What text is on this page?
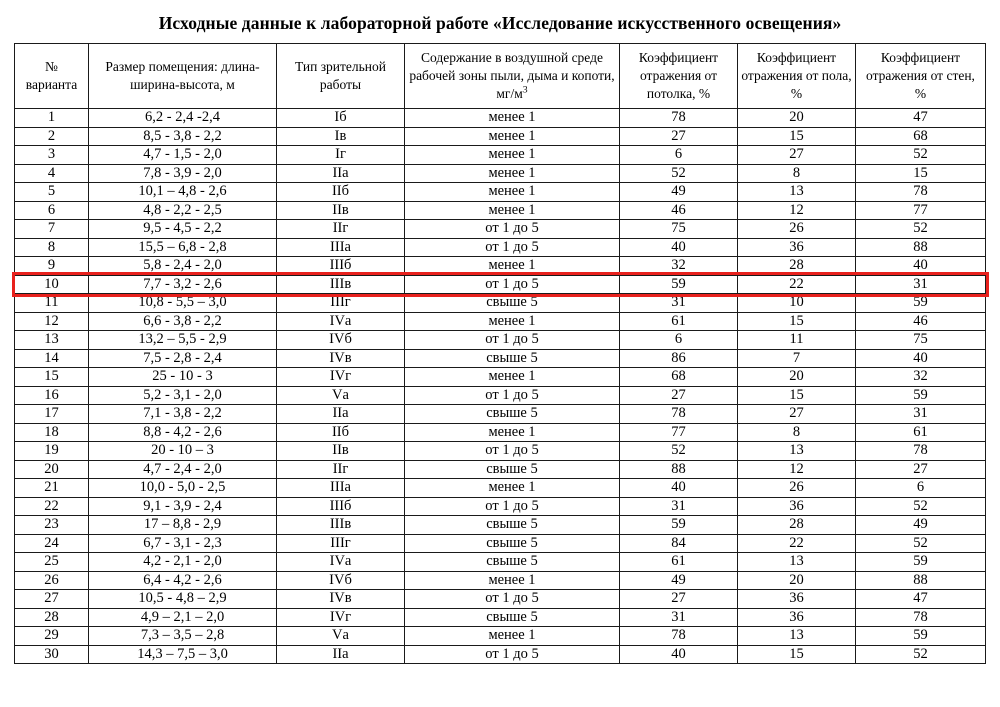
Исходные данные к лабораторной работе «Исследование искусственного освещения»
№ варианта	Размер помещения: длина-ширина-высота, м	Тип зрительной работы	Содержание в воздушной среде рабочей зоны пыли, дыма и копоти, $мг/м^3$	Коэффициент отражения от потолка, %	Коэффициент отражения от пола, %	Коэффициент отражения от стен, %
1	6,2 - 2,4 -2,4	Iб	менее 1	78	20	47
2	8,5 - 3,8 - 2,2	Iв	менее 1	27	15	68
3	4,7 - 1,5 - 2,0	Iг	менее 1	6	27	52
4	7,8 - 3,9 - 2,0	IIа	менее 1	52	8	15
5	10,1 – 4,8 - 2,6	IIб	менее 1	49	13	78
6	4,8 - 2,2 - 2,5	IIв	менее 1	46	12	77
7	9,5 - 4,5 - 2,2	IIг	от 1 до 5	75	26	52
8	15,5 – 6,8 - 2,8	IIIа	от 1 до 5	40	36	88
9	5,8 - 2,4 - 2,0	IIIб	менее 1	32	28	40
10	7,7 - 3,2 - 2,6	IIIв	от 1 до 5	59	22	31
11	10,8 - 5,5 – 3,0	IIIг	свыше 5	31	10	59
12	6,6 - 3,8 - 2,2	IVа	менее 1	61	15	46
13	13,2 – 5,5 - 2,9	IVб	от 1 до 5	6	11	75
14	7,5 - 2,8 - 2,4	IVв	свыше 5	86	7	40
15	25 - 10 - 3	IVг	менее 1	68	20	32
16	5,2 - 3,1 - 2,0	Vа	от 1 до 5	27	15	59
17	7,1 - 3,8 - 2,2	IIа	свыше 5	78	27	31
18	8,8 - 4,2 - 2,6	IIб	менее 1	77	8	61
19	20 - 10 – 3	IIв	от 1 до 5	52	13	78
20	4,7 - 2,4 - 2,0	IIг	свыше 5	88	12	27
21	10,0 - 5,0 - 2,5	IIIа	менее 1	40	26	6
22	9,1 - 3,9 - 2,4	IIIб	от 1 до 5	31	36	52
23	17 – 8,8 - 2,9	IIIв	свыше 5	59	28	49
24	6,7 - 3,1 - 2,3	IIIг	свыше 5	84	22	52
25	4,2 - 2,1 - 2,0	IVа	свыше 5	61	13	59
26	6,4 - 4,2 - 2,6	IVб	менее 1	49	20	88
27	10,5 - 4,8 – 2,9	IVв	от 1 до 5	27	36	47
28	4,9 – 2,1 – 2,0	IVг	свыше 5	31	36	78
29	7,3 – 3,5 – 2,8	Vа	менее 1	78	13	59
30	14,3 – 7,5 – 3,0	IIа	от 1 до 5	40	15	52
